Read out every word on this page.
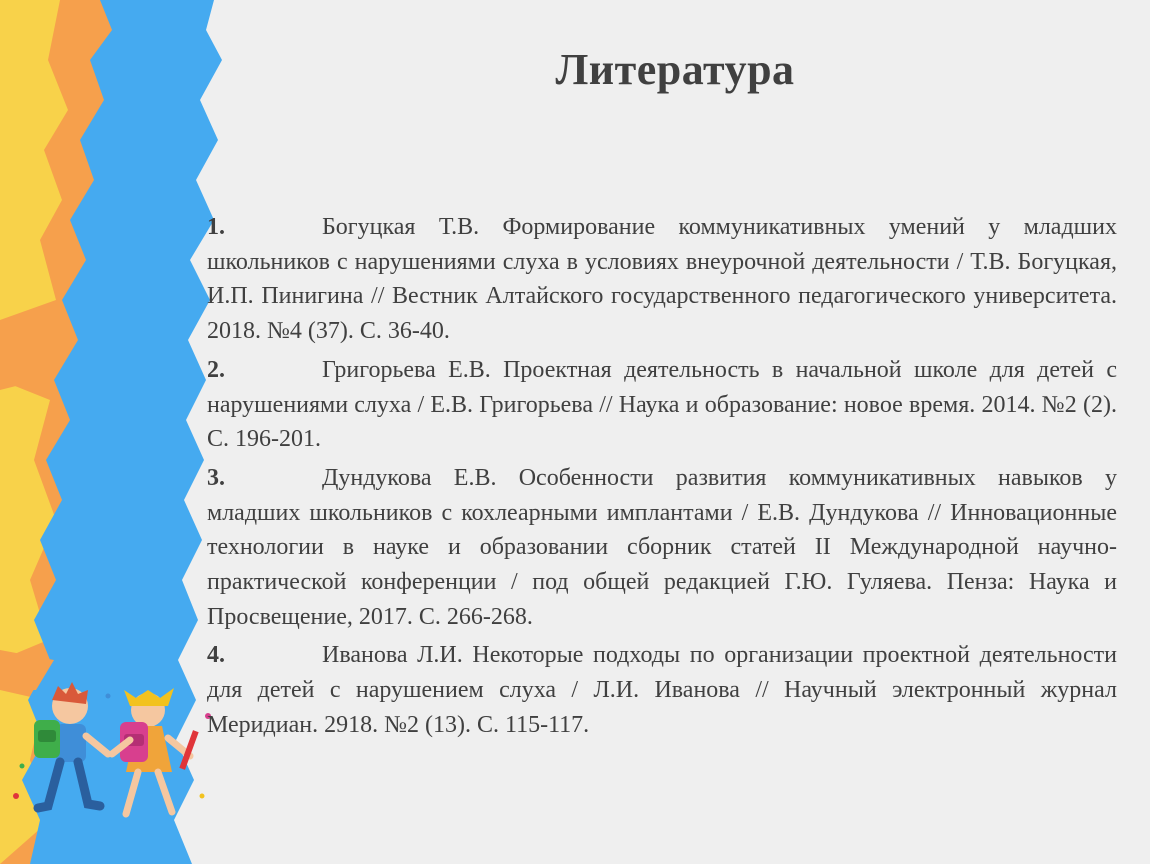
Литература

1.	Богуцкая Т.В. Формирование коммуникативных умений у младших школьников с нарушениями слуха в условиях внеурочной деятельности / Т.В. Богуцкая, И.П. Пинигина // Вестник Алтайского государственного педагогического университета. 2018. №4 (37). С. 36-40.

2.	Григорьева Е.В. Проектная деятельность в начальной школе для детей с нарушениями слуха / Е.В. Григорьева // Наука и образование: новое время. 2014. №2 (2). С. 196-201.

3.	Дундукова Е.В. Особенности развития коммуникативных навыков у младших школьников с кохлеарными имплантами / Е.В. Дундукова // Инновационные технологии в науке и образовании сборник статей II Международной научно-практической конференции / под общей редакцией Г.Ю. Гуляева. Пенза: Наука и Просвещение, 2017. С. 266-268.

4.	Иванова Л.И. Некоторые подходы по организации проектной деятельности для детей с нарушением слуха / Л.И. Иванова // Научный электронный журнал Меридиан. 2918. №2 (13). С. 115-117.
